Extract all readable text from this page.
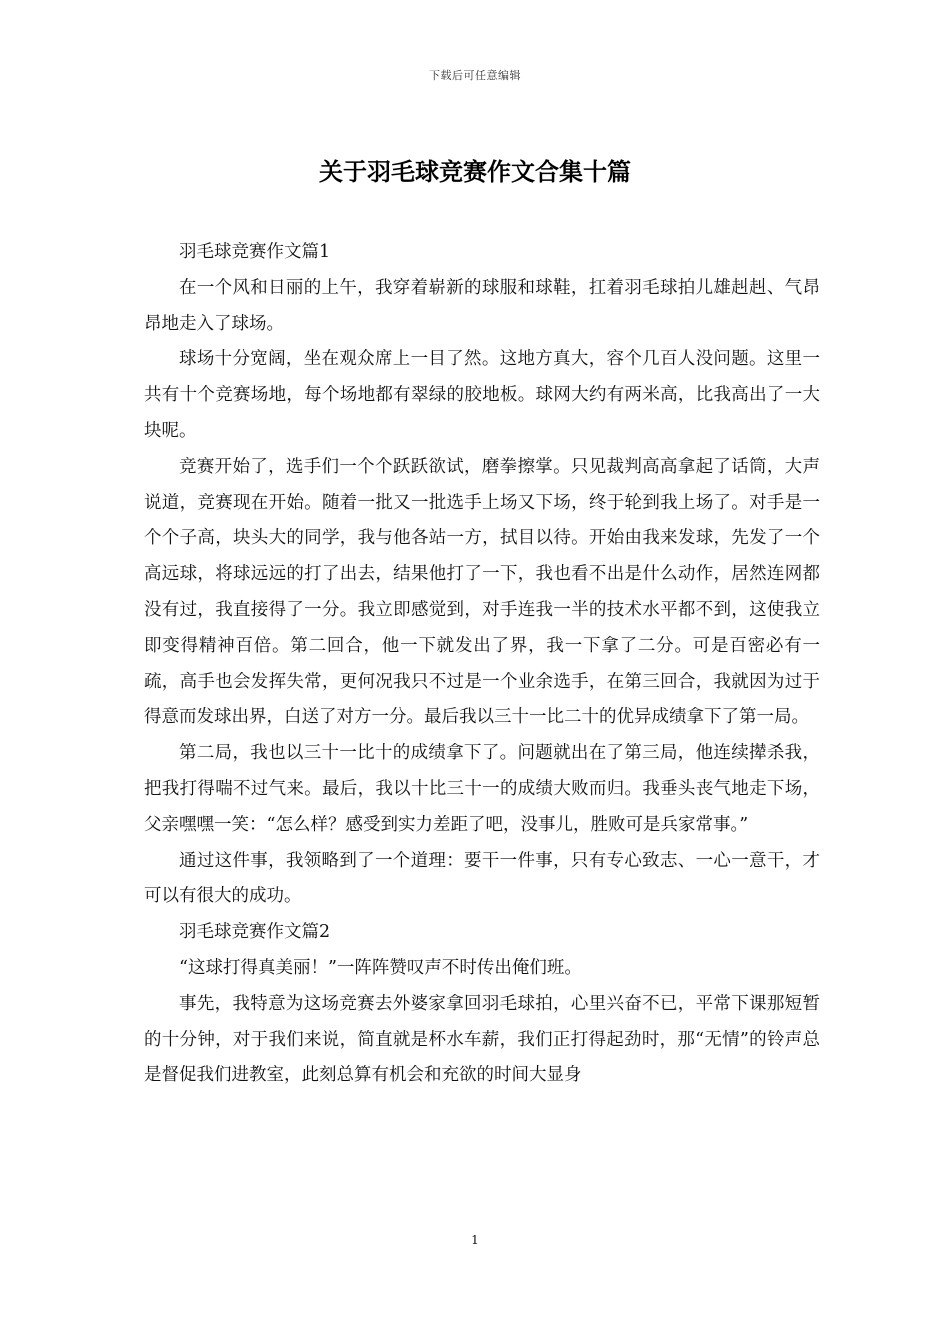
下载后可任意编辑
关于羽毛球竞赛作文合集十篇

羽毛球竞赛作文篇1

在一个风和日丽的上午，我穿着崭新的球服和球鞋，扛着羽毛球拍儿雄赳赳、气昂昂地走入了球场。

球场十分宽阔，坐在观众席上一目了然。这地方真大，容个几百人没问题。这里一共有十个竞赛场地，每个场地都有翠绿的胶地板。球网大约有两米高，比我高出了一大块呢。

竞赛开始了，选手们一个个跃跃欲试，磨拳擦掌。只见裁判高高拿起了话筒，大声说道，竞赛现在开始。随着一批又一批选手上场又下场，终于轮到我上场了。对手是一个个子高，块头大的同学，我与他各站一方，拭目以待。开始由我来发球，先发了一个高远球，将球远远的打了出去，结果他打了一下，我也看不出是什么动作，居然连网都没有过，我直接得了一分。我立即感觉到，对手连我一半的技术水平都不到，这使我立即变得精神百倍。第二回合，他一下就发出了界，我一下拿了二分。可是百密必有一疏，高手也会发挥失常，更何况我只不过是一个业余选手，在第三回合，我就因为过于得意而发球出界，白送了对方一分。最后我以三十一比二十的优异成绩拿下了第一局。

第二局，我也以三十一比十的成绩拿下了。问题就出在了第三局，他连续撵杀我，把我打得喘不过气来。最后，我以十比三十一的成绩大败而归。我垂头丧气地走下场，父亲嘿嘿一笑：“怎么样？感受到实力差距了吧，没事儿，胜败可是兵家常事。”

通过这件事，我领略到了一个道理：要干一件事，只有专心致志、一心一意干，才可以有很大的成功。

羽毛球竞赛作文篇2

“这球打得真美丽！”一阵阵赞叹声不时传出俺们班。

事先，我特意为这场竞赛去外婆家拿回羽毛球拍，心里兴奋不已，平常下课那短暂的十分钟，对于我们来说，简直就是杯水车薪，我们正打得起劲时，那“无情”的铃声总是督促我们进教室，此刻总算有机会和充欲的时间大显身

1
